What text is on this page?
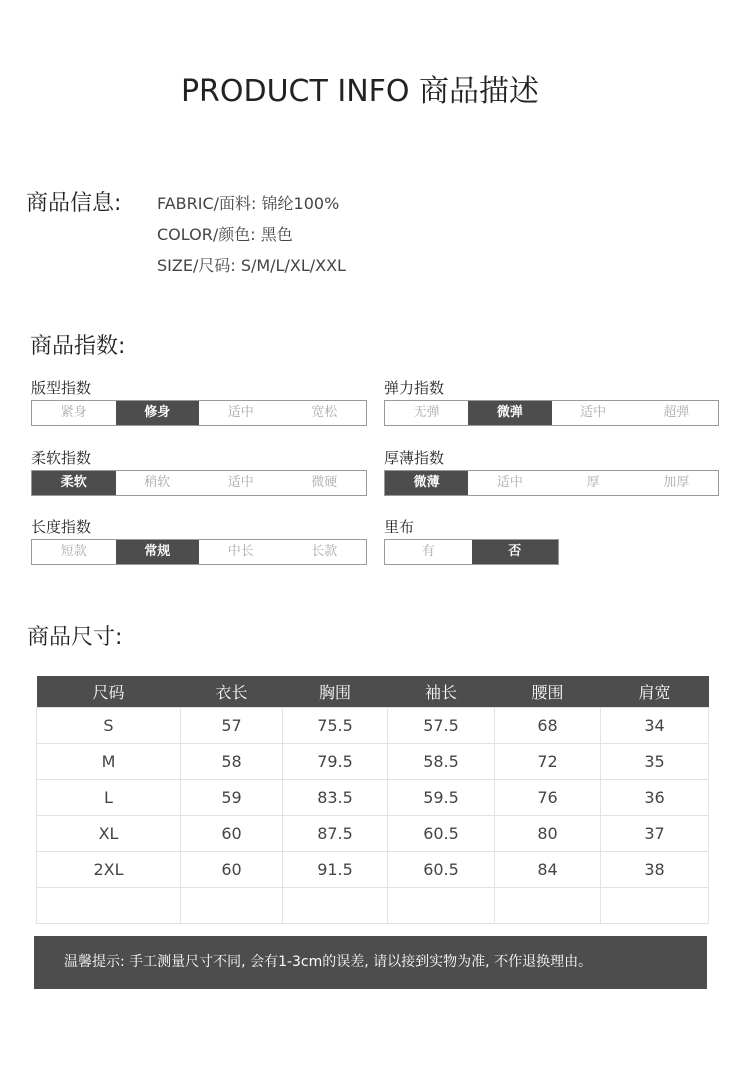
PRODUCT INFO 商品描述
商品信息: FABRIC/面料: 锦纶100%
COLOR/颜色: 黑色
SIZE/尺码: S/M/L/XL/XXL
商品指数:
版型指数
紧身	修身	适中	宽松
弹力指数
无弹	微弹	适中	超弹
柔软指数
柔软	稍软	适中	微硬
厚薄指数
微薄	适中	厚	加厚
长度指数
短款	常规	中长	长款
里布
有	否
商品尺寸:
尺码	衣长	胸围	袖长	腰围	肩宽
S	57	75.5	57.5	68	34
M	58	79.5	58.5	72	35
L	59	83.5	59.5	76	36
XL	60	87.5	60.5	80	37
2XL	60	91.5	60.5	84	38

温馨提示: 手工测量尺寸不同, 会有1-3cm的误差, 请以接到实物为准, 不作退换理由。
